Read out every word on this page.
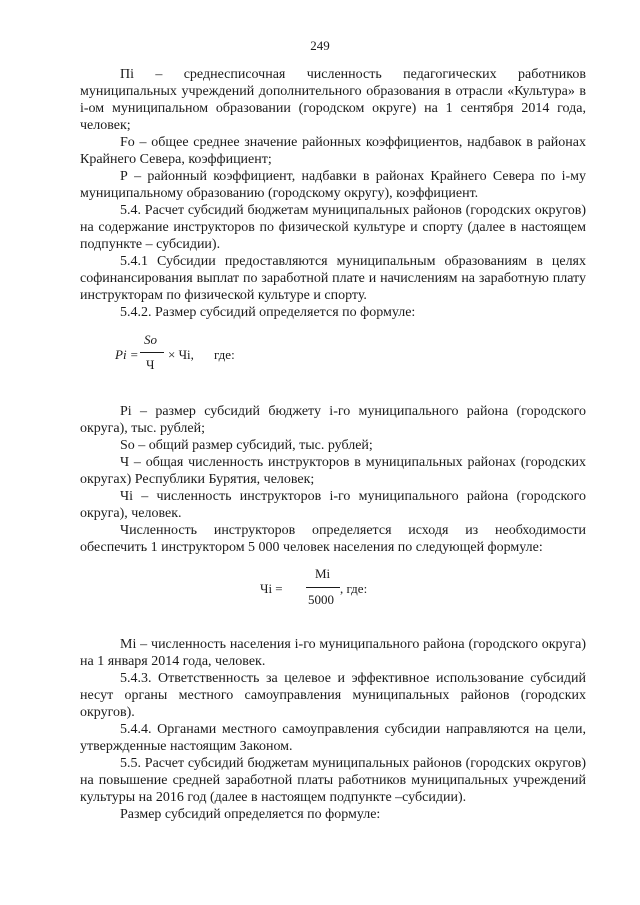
249

Пi – среднесписочная численность педагогических работников муниципальных учреждений дополнительного образования в отрасли «Культура» в i-ом муниципальном образовании (городском округе) на 1 сентября 2014 года, человек;

Fо – общее среднее значение районных коэффициентов, надбавок в районах Крайнего Севера, коэффициент;

Р – районный коэффициент, надбавки в районах Крайнего Севера по i-му муниципальному образованию (городскому округу), коэффициент.

5.4. Расчет субсидий бюджетам муниципальных районов (городских округов) на содержание инструкторов по физической культуре и спорту (далее в настоящем подпункте – субсидии).

5.4.1 Субсидии предоставляются муниципальным образованиям в целях софинансирования выплат по заработной плате и начислениям на заработную плату инструкторам по физической культуре и спорту.

5.4.2. Размер субсидий определяется по формуле:

Pi =
So
Ч
× Чi, где:

Pi – размер субсидий бюджету i-го муниципального района (городского округа), тыс. рублей;

So – общий размер субсидий, тыс. рублей;

Ч – общая численность инструкторов в муниципальных районах (городских округах) Республики Бурятия, человек;

Чi – численность инструкторов i-го муниципального района (городского округа), человек.

Численность инструкторов определяется исходя из необходимости обеспечить 1 инструктором 5 000 человек населения по следующей формуле:

Чi =
Mi
5000
, где:

Mi – численность населения i-го муниципального района (городского округа) на 1 января 2014 года, человек.

5.4.3. Ответственность за целевое и эффективное использование субсидий несут органы местного самоуправления муниципальных районов (городских округов).

5.4.4. Органами местного самоуправления субсидии направляются на цели, утвержденные настоящим Законом.

5.5. Расчет субсидий бюджетам муниципальных районов (городских округов) на повышение средней заработной платы работников муниципальных учреждений культуры на 2016 год (далее в настоящем подпункте –субсидии).

Размер субсидий определяется по формуле:
